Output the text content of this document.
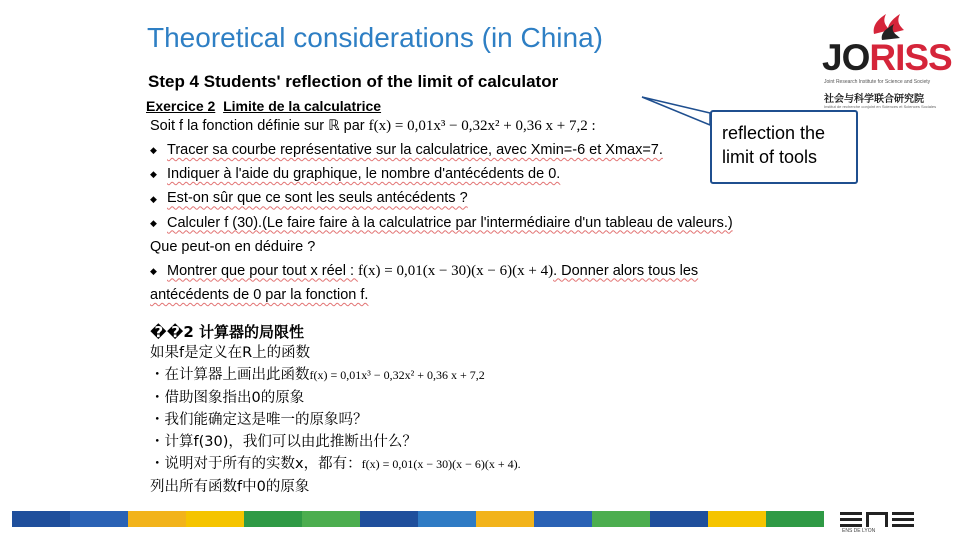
Theoretical considerations (in China)
Step 4 Students' reflection of the limit of calculator
JORISS
Joint Research Institute for Science and Society
社会与科学联合研究院
Institut de recherche conjoint en Sciences et Sciences Sociales
reflection the limit of tools
Exercice 2 Limite de la calculatrice
Soit f la fonction définie sur ℝ par f(x) = 0,01x³ − 0,32x² + 0,36 x + 7,2 :
◆ Tracer sa courbe représentative sur la calculatrice, avec Xmin=-6 et Xmax=7.
◆ Indiquer à l'aide du graphique, le nombre d'antécédents de 0.
◆ Est-on sûr que ce sont les seuls antécédents ?
◆ Calculer f (30).(Le faire faire à la calculatrice par l'intermédiaire d'un tableau de valeurs.)
Que peut-on en déduire ?
◆ Montrer que pour tout x réel : f(x) = 0,01(x − 30)(x − 6)(x + 4). Donner alors tous les
antécédents de 0 par la fonction f.
��2 计算器的局限性
如果f是定义在R上的函数
・在计算器上画出此函数f(x) = 0,01x³ − 0,32x² + 0,36 x + 7,2
・借助图象指出0的原象
・我们能确定这是唯一的原象吗？
・计算f(30)，我们可以由此推断出什么？
・说明对于所有的实数x，都有：f(x) = 0,01(x − 30)(x − 6)(x + 4).
列出所有函数f中0的原象
ENS DE LYON
